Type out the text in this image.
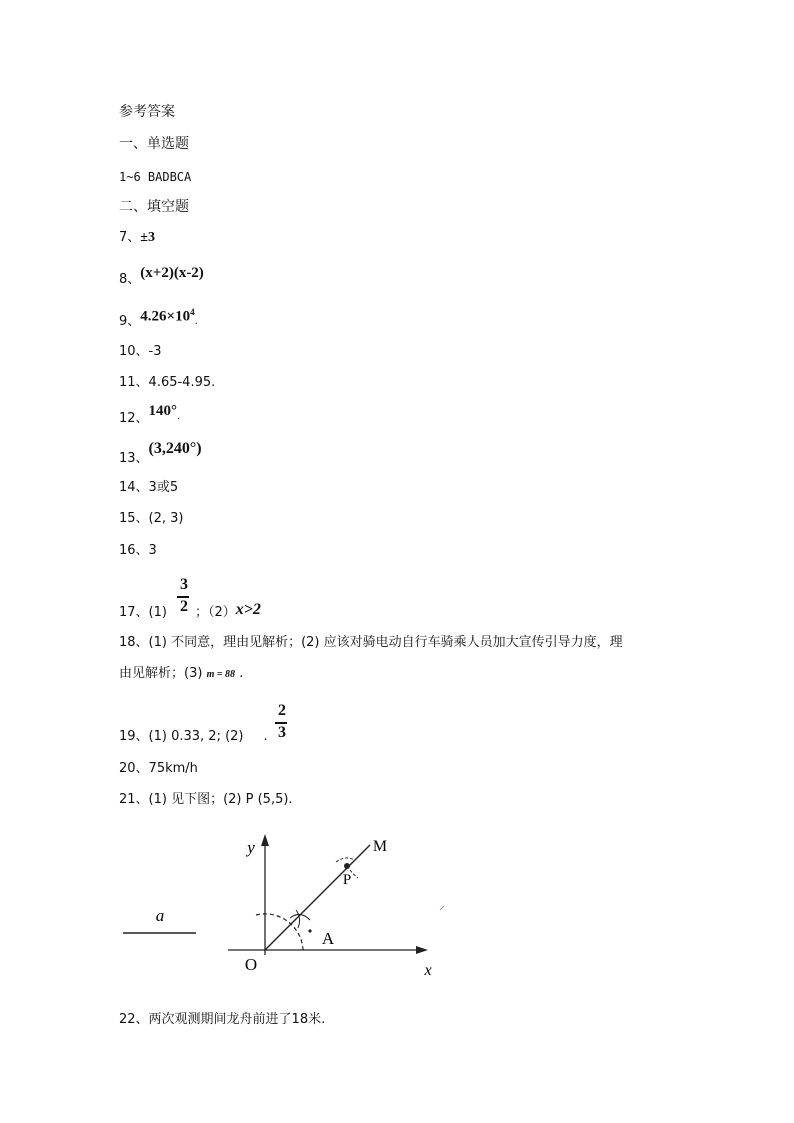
参考答案
一、单选题
1~6 BADBCA
二、填空题
7、±3
8、(x+2)(x-2)
9、$4.26\times 10^4_.$
10、-3
11、4.65-4.95.
12、$140^\circ_.$
13、(3,240°)
14、3或5
15、(2, 3)
16、3
17、(1) ；（2）x>2
3
2
18、(1) 不同意，理由见解析；(2) 应该对骑电动自行车骑乘人员加大宣传引导力度，理
由见解析；(3) m = 88 .
19、(1) 0.33, 2; (2) .
2
3
20、75km/h
21、(1) 见下图；(2) P (5,5).
a
y
x
O
M
A
P
22、两次观测期间龙舟前进了18米.
